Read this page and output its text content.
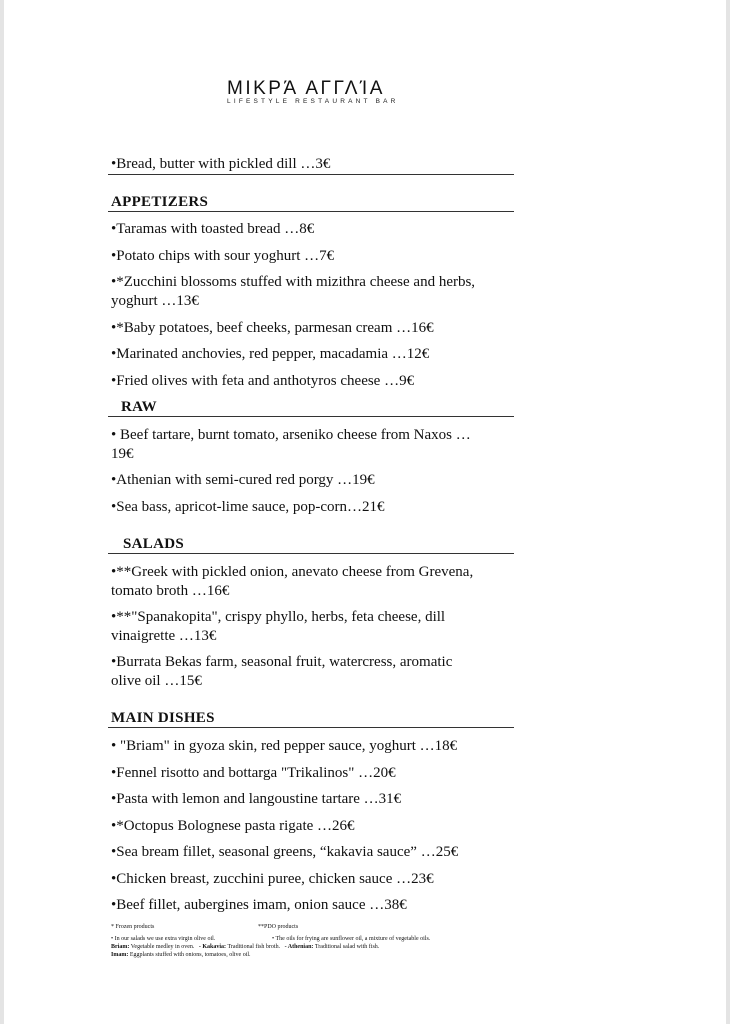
ΜΙΚΡΆ ΑΓΓΛΊΑ
LIFESTYLE RESTAURANT BAR
•Bread, butter with pickled dill …3€
APPETIZERS
•Taramas with toasted bread …8€
•Potato chips with sour yoghurt …7€
•*Zucchini blossoms stuffed with mizithra cheese and herbs,
yoghurt …13€
•*Baby potatoes, beef cheeks, parmesan cream …16€
•Marinated anchovies, red pepper, macadamia …12€
•Fried olives with feta and anthotyros cheese …9€
RAW
• Beef tartare, burnt tomato, arseniko cheese from Naxos …
19€
•Athenian with semi-cured red porgy …19€
•Sea bass, apricot-lime sauce, pop-corn…21€
SALADS
•**Greek with pickled onion, anevato cheese from Grevena,
tomato broth …16€
•**"Spanakopita", crispy phyllo, herbs, feta cheese, dill
vinaigrette …13€
•Burrata Bekas farm, seasonal fruit, watercress, aromatic
olive oil …15€
MAIN DISHES
• "Briam" in gyoza skin, red pepper sauce, yoghurt …18€
•Fennel risotto and bottarga "Trikalinos" …20€
•Pasta with lemon and langoustine tartare …31€
•*Octopus Bolognese pasta rigate …26€
•Sea bream fillet, seasonal greens, “kakavia sauce” …25€
•Chicken breast, zucchini puree, chicken sauce …23€
•Beef fillet, aubergines imam, onion sauce …38€
* Frozen products	**PDO products
• In our salads we use extra virgin olive oil.	• The oils for frying are sunflower oil, a mixture of vegetable oils.
Briam: Vegetable medley in oven. - Kakavia: Traditional fish broth. - Athenian: Traditional salad with fish.
Imam: Eggplants stuffed with onions, tomatoes, olive oil.
